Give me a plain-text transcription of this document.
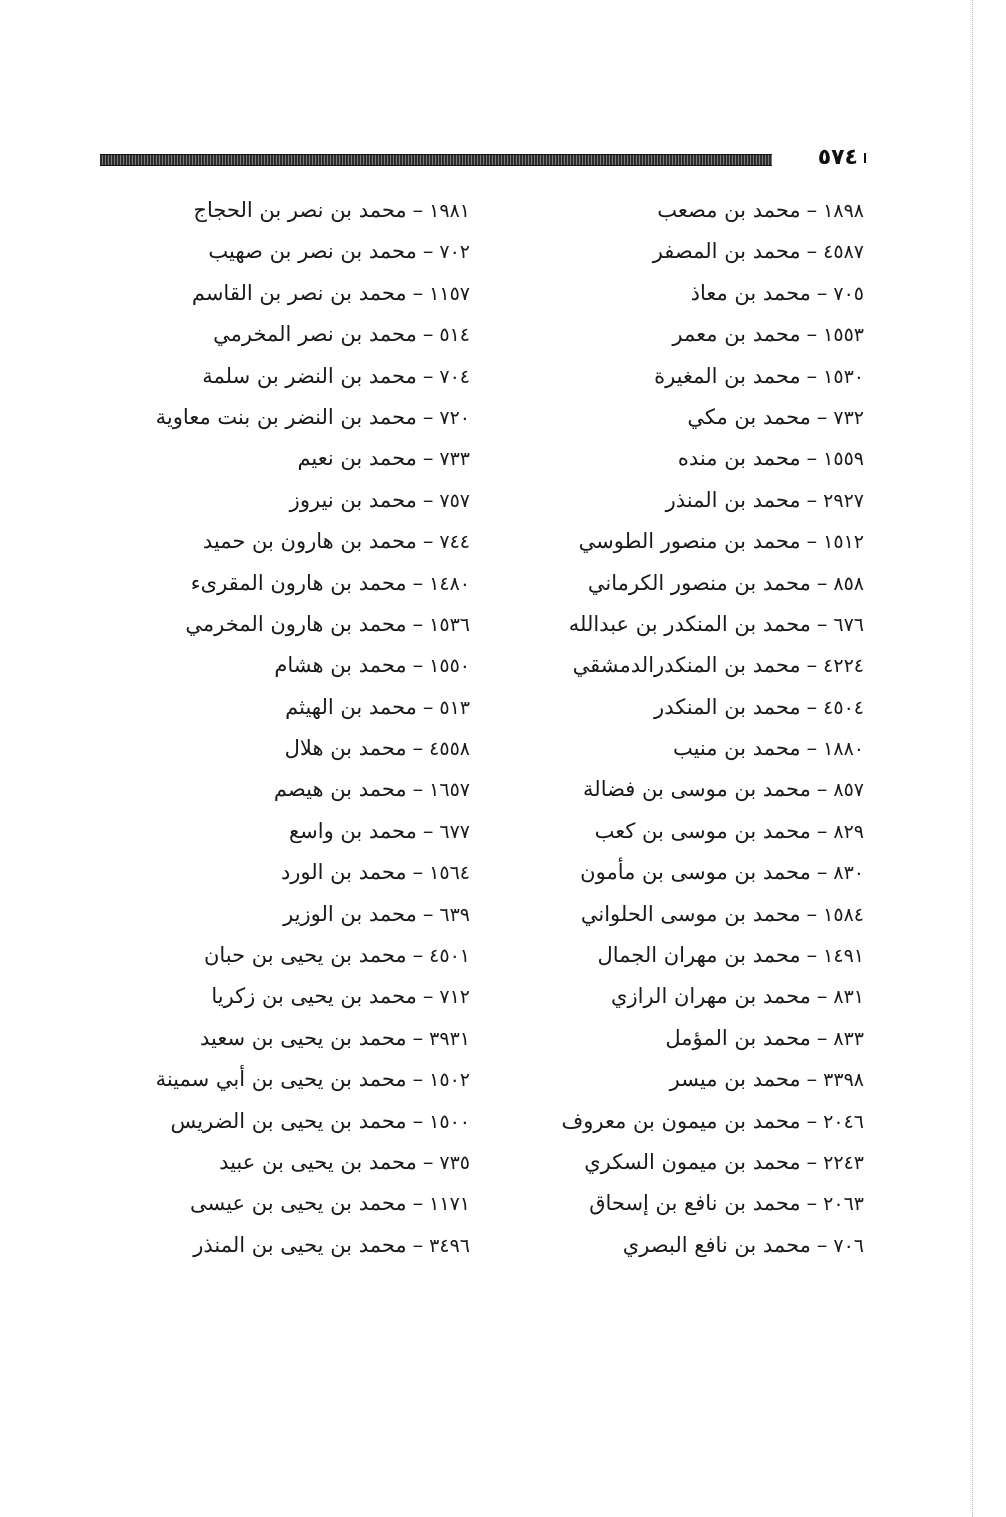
٥٧٤
١٨٩٨–محمد بن مصعب
٤٥٨٧–محمد بن المصفر
٧٠٥–محمد بن معاذ
١٥٥٣–محمد بن معمر
١٥٣٠–محمد بن المغيرة
٧٣٢–محمد بن مكي
١٥٥٩–محمد بن منده
٢٩٢٧–محمد بن المنذر
١٥١٢–محمد بن منصور الطوسي
٨٥٨–محمد بن منصور الكرماني
٦٧٦–محمد بن المنكدر بن عبدالله
٤٢٢٤–محمد بن المنكدرالدمشقي
٤٥٠٤–محمد بن المنكدر
١٨٨٠–محمد بن منيب
٨٥٧–محمد بن موسى بن فضالة
٨٢٩–محمد بن موسى بن كعب
٨٣٠–محمد بن موسى بن مأمون
١٥٨٤–محمد بن موسى الحلواني
١٤٩١–محمد بن مهران الجمال
٨٣١–محمد بن مهران الرازي
٨٣٣–محمد بن المؤمل
٣٣٩٨–محمد بن ميسر
٢٠٤٦–محمد بن ميمون بن معروف
٢٢٤٣–محمد بن ميمون السكري
٢٠٦٣–محمد بن نافع بن إسحاق
٧٠٦–محمد بن نافع البصري
١٩٨١–محمد بن نصر بن الحجاج
٧٠٢–محمد بن نصر بن صهيب
١١٥٧–محمد بن نصر بن القاسم
٥١٤–محمد بن نصر المخرمي
٧٠٤–محمد بن النضر بن سلمة
٧٢٠–محمد بن النضر بن بنت معاوية
٧٣٣–محمد بن نعيم
٧٥٧–محمد بن نيروز
٧٤٤–محمد بن هارون بن حميد
١٤٨٠–محمد بن هارون المقرىء
١٥٣٦–محمد بن هارون المخرمي
١٥٥٠–محمد بن هشام
٥١٣–محمد بن الهيثم
٤٥٥٨–محمد بن هلال
١٦٥٧–محمد بن هيصم
٦٧٧–محمد بن واسع
١٥٦٤–محمد بن الورد
٦٣٩–محمد بن الوزير
٤٥٠١–محمد بن يحيى بن حبان
٧١٢–محمد بن يحيى بن زكريا
٣٩٣١–محمد بن يحيى بن سعيد
١٥٠٢–محمد بن يحيى بن أبي سمينة
١٥٠٠–محمد بن يحيى بن الضريس
٧٣٥–محمد بن يحيى بن عبيد
١١٧١–محمد بن يحيى بن عيسى
٣٤٩٦–محمد بن يحيى بن المنذر
